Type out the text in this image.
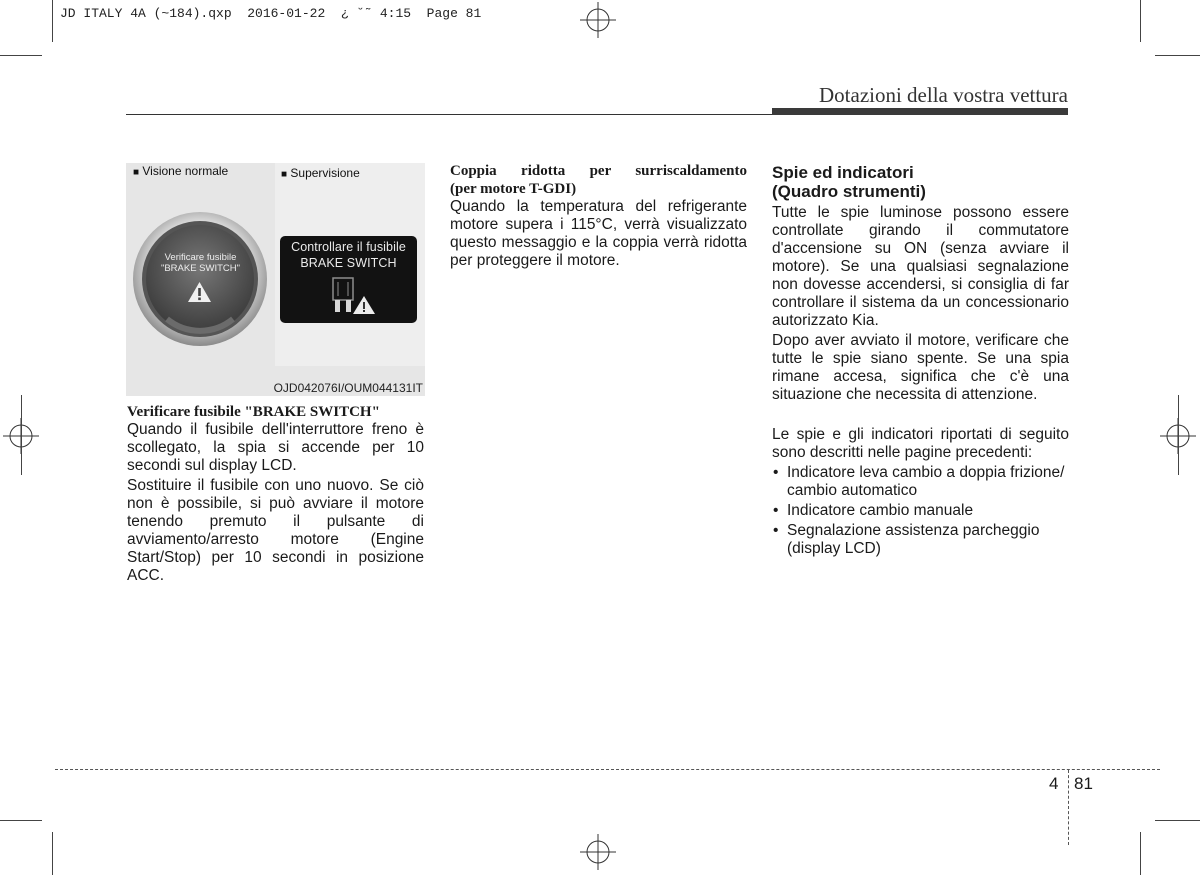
JD ITALY 4A (~184).qxp  2016-01-22  ¿ ˘˜ 4:15  Page 81
Dotazioni della vostra vettura
■ Visione normale	■ Supervisione
Verificare fusibile
"BRAKE SWITCH"
Controllare il fusibile
BRAKE SWITCH
OJD042076I/OUM044131IT

Verificare fusibile "BRAKE SWITCH"

Quando il fusibile dell'interruttore freno è scollegato, la spia si accende per 10 secondi sul display LCD.

Sostituire il fusibile con uno nuovo. Se ciò non è possibile, si può avviare il motore tenendo premuto il pulsante di avviamento/arresto motore (Engine Start/Stop) per 10 secondi in posizione ACC.

Coppia ridotta per surriscaldamento

(per motore T-GDI)

Quando la temperatura del refrigerante motore supera i 115°C, verrà visualizzato questo messaggio e la coppia verrà ridotta per proteggere il motore.

Spie ed indicatori

(Quadro strumenti)

Tutte le spie luminose possono essere controllate girando il commutatore d'accensione su ON (senza avviare il motore). Se una qualsiasi segnalazione non dovesse accendersi, si consiglia di far controllare il sistema da un concessionario autorizzato Kia.

Dopo aver avviato il motore, verificare che tutte le spie siano spente. Se una spia rimane accesa, significa che c'è una situazione che necessita di attenzione.

Le spie e gli indicatori riportati di seguito sono descritti nelle pagine precedenti:

• Indicatore leva cambio a doppia frizione/ cambio automatico
• Indicatore cambio manuale
• Segnalazione assistenza parcheggio (display LCD)
4 81
